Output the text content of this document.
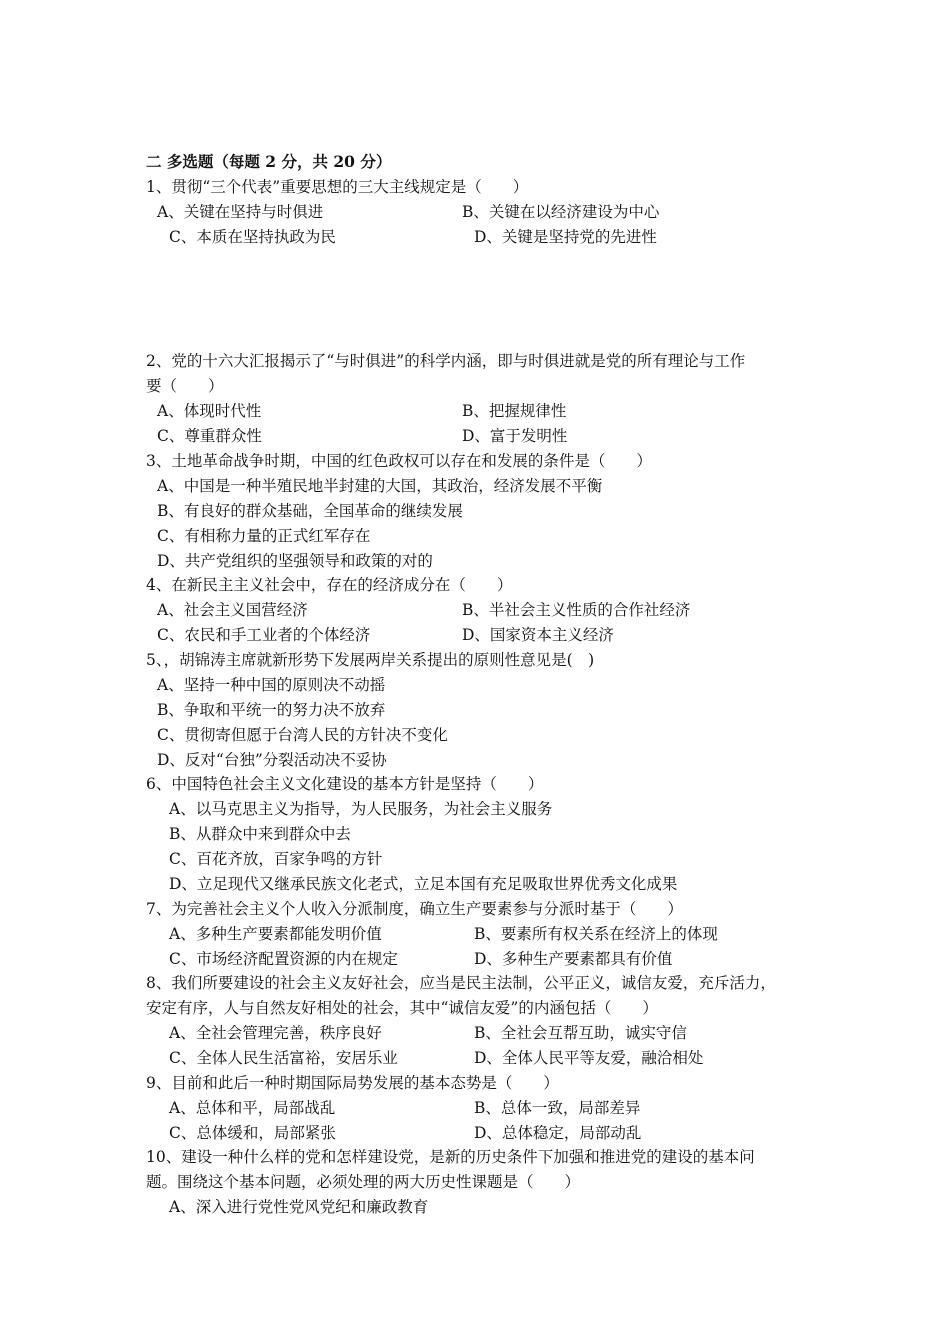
二 多选题（每题 2 分，共 20 分）
1、贯彻“三个代表”重要思想的三大主线规定是（　　）
A、关键在坚持与时俱进	B、关键在以经济建设为中心
C、本质在坚持执政为民	D、关键是坚持党的先进性
2、党的十六大汇报揭示了“与时俱进”的科学内涵，即与时俱进就是党的所有理论与工作
要（　　）
A、体现时代性	B、把握规律性
C、尊重群众性	D、富于发明性
3、土地革命战争时期，中国的红色政权可以存在和发展的条件是（　　）
A、中国是一种半殖民地半封建的大国，其政治，经济发展不平衡
B、有良好的群众基础，全国革命的继续发展
C、有相称力量的正式红军存在
D、共产党组织的坚强领导和政策的对的
4、在新民主主义社会中，存在的经济成分在（　　）
A、社会主义国营经济	B、半社会主义性质的合作社经济
C、农民和手工业者的个体经济	D、国家资本主义经济
5、，胡锦涛主席就新形势下发展两岸关系提出的原则性意见是(　)
A、坚持一种中国的原则决不动摇
B、争取和平统一的努力决不放弃
C、贯彻寄但愿于台湾人民的方针决不变化
D、反对“台独”分裂活动决不妥协
6、中国特色社会主义文化建设的基本方针是坚持（　　）
A、以马克思主义为指导，为人民服务，为社会主义服务
B、从群众中来到群众中去
C、百花齐放，百家争鸣的方针
D、立足现代又继承民族文化老式，立足本国有充足吸取世界优秀文化成果
7、为完善社会主义个人收入分派制度，确立生产要素参与分派时基于（　　）
A、多种生产要素都能发明价值	B、要素所有权关系在经济上的体现
C、市场经济配置资源的内在规定	D、多种生产要素都具有价值
8、我们所要建设的社会主义友好社会，应当是民主法制，公平正义，诚信友爱，充斥活力，
安定有序，人与自然友好相处的社会，其中“诚信友爱”的内涵包括（　　）
A、全社会管理完善，秩序良好	B、全社会互帮互助，诚实守信
C、全体人民生活富裕，安居乐业	D、全体人民平等友爱，融洽相处
9、目前和此后一种时期国际局势发展的基本态势是（　　）
A、总体和平，局部战乱	B、总体一致，局部差异
C、总体缓和，局部紧张	D、总体稳定，局部动乱
10、建设一种什么样的党和怎样建设党，是新的历史条件下加强和推进党的建设的基本问
题。围绕这个基本问题，必须处理的两大历史性课题是（　　）
A、深入进行党性党风党纪和廉政教育
